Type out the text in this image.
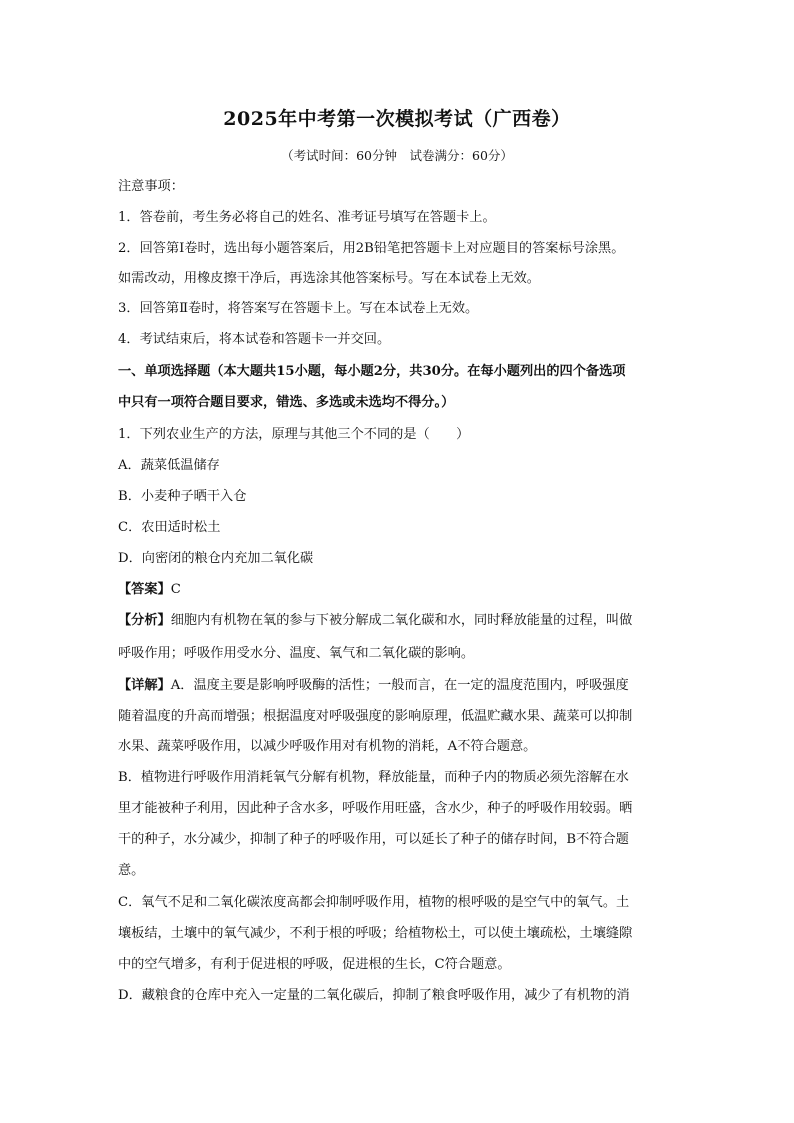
2025年中考第一次模拟考试（广西卷）
（考试时间：60分钟　试卷满分：60分）
注意事项：
1．答卷前，考生务必将自己的姓名、准考证号填写在答题卡上。
2．回答第Ⅰ卷时，选出每小题答案后，用2B铅笔把答题卡上对应题目的答案标号涂黑。
如需改动，用橡皮擦干净后，再选涂其他答案标号。写在本试卷上无效。
3．回答第Ⅱ卷时，将答案写在答题卡上。写在本试卷上无效。
4．考试结束后，将本试卷和答题卡一并交回。
一、单项选择题（本大题共15小题，每小题2分，共30分。在每小题列出的四个备选项
中只有一项符合题目要求，错选、多选或未选均不得分。）
1．下列农业生产的方法，原理与其他三个不同的是（　　）
A．蔬菜低温储存
B．小麦种子晒干入仓
C．农田适时松土
D．向密闭的粮仓内充加二氧化碳
【答案】C
【分析】细胞内有机物在氧的参与下被分解成二氧化碳和水，同时释放能量的过程，叫做
呼吸作用；呼吸作用受水分、温度、氧气和二氧化碳的影响。
【详解】A．温度主要是影响呼吸酶的活性；一般而言，在一定的温度范围内，呼吸强度
随着温度的升高而增强；根据温度对呼吸强度的影响原理，低温贮藏水果、蔬菜可以抑制
水果、蔬菜呼吸作用，以减少呼吸作用对有机物的消耗，A不符合题意。
B．植物进行呼吸作用消耗氧气分解有机物，释放能量，而种子内的物质必须先溶解在水
里才能被种子利用，因此种子含水多，呼吸作用旺盛，含水少，种子的呼吸作用较弱。晒
干的种子，水分减少，抑制了种子的呼吸作用，可以延长了种子的储存时间，B不符合题
意。
C．氧气不足和二氧化碳浓度高都会抑制呼吸作用，植物的根呼吸的是空气中的氧气。土
壤板结，土壤中的氧气减少，不利于根的呼吸；给植物松土，可以使土壤疏松，土壤缝隙
中的空气增多，有利于促进根的呼吸，促进根的生长，C符合题意。
D．藏粮食的仓库中充入一定量的二氧化碳后，抑制了粮食呼吸作用，减少了有机物的消
